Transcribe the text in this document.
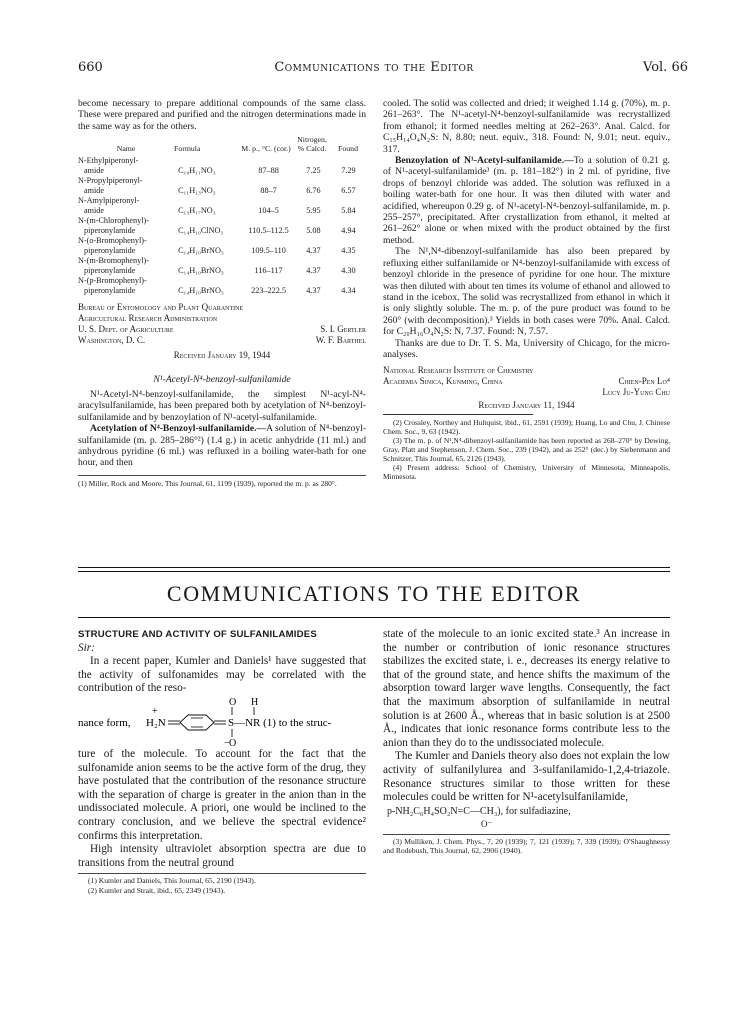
660	Communications to the Editor	Vol. 66

become necessary to prepare additional compounds of the same class. These were prepared and purified and the nitrogen determinations made in the same way as for the others.

Name	Formula	M. p., °C. (cor.)	Nitrogen, % Calcd.	Found
N-Ethylpiperonyl-				
amide	C₁₀H₁₁NO₃	87–88	7.25	7.29
N-Propylpiperonyl-				
amide	C₁₁H₁₃NO₃	88–7	6.76	6.57
N-Amylpiperonyl-				
amide	C₁₃H₁₇NO₃	104–5	5.95	5.84
N-(m-Chlorophenyl)-				
piperonylamide	C₁₄H₁₀ClNO₃	110.5–112.5	5.08	4.94
N-(o-Bromophenyl)-				
piperonylamide	C₁₄H₁₀BrNO₃	109.5–110	4.37	4.35
N-(m-Bromophenyl)-				
piperonylamide	C₁₄H₁₀BrNO₃	116–117	4.37	4.30
N-(p-Bromophenyl)-				
piperonylamide	C₁₄H₁₀BrNO₃	223–222.5	4.37	4.34
Bureau of Entomology and Plant Quarantine
Agricultural Research Administration
U. S. Dept. of Agriculture	S. I. Gertler
Washington, D. C.	W. F. Barthel
Received January 19, 1944
N¹-Acetyl-N⁴-benzoyl-sulfanilamide

N¹-Acetyl-N⁴-benzoyl-sulfanilamide, the simplest N¹-acyl-N⁴-aracylsulfanilamide, has been prepared both by acetylation of N⁴-benzoyl-sulfanilamide and by benzoylation of N¹-acetyl-sulfanilamide.

Acetylation of N⁴-Benzoyl-sulfanilamide.—A solution of N⁴-benzoyl-sulfanilamide (m. p. 285–286°²) (1.4 g.) in acetic anhydride (11 ml.) and anhydrous pyridine (6 ml.) was refluxed in a boiling water-bath for one hour, and then

(1) Miller, Rock and Moore, This Journal, 61, 1199 (1939), reported the m. p. as 280°.

cooled. The solid was collected and dried; it weighed 1.14 g. (70%), m. p. 261–263°. The N¹-acetyl-N⁴-benzoyl-sulfanilamide was recrystallized from ethanol; it formed needles melting at 262–263°. Anal. Calcd. for C₁₅H₁₄O₄N₂S: N, 8.80; neut. equiv., 318. Found: N, 9.01; neut. equiv., 317.

Benzoylation of N¹-Acetyl-sulfanilamide.—To a solution of 0.21 g. of N¹-acetyl-sulfanilamide³ (m. p. 181–182°) in 2 ml. of pyridine, five drops of benzoyl chloride was added. The solution was refluxed in a boiling water-bath for one hour. It was then diluted with water and acidified, whereupon 0.29 g. of N¹-acetyl-N⁴-benzoyl-sulfanilamide, m. p. 255–257°, precipitated. After crystallization from ethanol, it melted at 261–262° alone or when mixed with the product obtained by the first method.

The N¹,N⁴-dibenzoyl-sulfanilamide has also been prepared by refluxing either sulfanilamide or N⁴-benzoyl-sulfanilamide with excess of benzoyl chloride in the presence of pyridine for one hour. The mixture was then diluted with about ten times its volume of ethanol and allowed to stand in the icebox. The solid was recrystallized from ethanol in which it is only slightly soluble. The m. p. of the pure product was found to be 260° (with decomposition).³ Yields in both cases were 70%. Anal. Calcd. for C₂₀H₁₆O₄N₂S: N, 7.37. Found: N, 7.57.

Thanks are due to Dr. T. S. Ma, University of Chicago, for the micro-analyses.

National Research Institute of Chemistry
Academia Sinica, Kunming, China	Chien-Pen Lo⁴
Lucy Ju-Yung Chu
Received January 11, 1944

(2) Crossley, Northey and Hultquist, ibid., 61, 2591 (1939); Huang, Lo and Chu, J. Chinese Chem. Soc., 9, 63 (1942).

(3) The m. p. of N¹,N⁴-dibenzoyl-sulfanilamide has been reported as 268–270° by Dewing, Gray, Platt and Stephenson, J. Chem. Soc., 239 (1942), and as 252° (dec.) by Siebenmann and Schnitzer, This Journal, 65, 2126 (1943).

(4) Present address: School of Chemistry, University of Minnesota, Minneapolis, Minnesota.

COMMUNICATIONS TO THE EDITOR

STRUCTURE AND ACTIVITY OF SULFANILAMIDES

Sir:

In a recent paper, Kumler and Daniels¹ have suggested that the activity of sulfonamides may be correlated with the contribution of the reso-

nance form, H₂N
+
S—NR (1) to the struc-
O H
− O

ture of the molecule. To account for the fact that the sulfonamide anion seems to be the active form of the drug, they have postulated that the contribution of the resonance structure with the separation of charge is greater in the anion than in the undissociated molecule. A priori, one would be inclined to the contrary conclusion, and we believe the spectral evidence² confirms this interpretation.

High intensity ultraviolet absorption spectra are due to transitions from the neutral ground

(1) Kumler and Daniels, This Journal, 65, 2190 (1943).
(2) Kumler and Strait, ibid., 65, 2349 (1943).

state of the molecule to an ionic excited state.³ An increase in the number or contribution of ionic resonance structures stabilizes the excited state, i. e., decreases its energy relative to that of the ground state, and hence shifts the maximum of the absorption toward larger wave lengths. Consequently, the fact that the maximum absorption of sulfanilamide in neutral solution is at 2600 Å., whereas that in basic solution is at 2500 Å., indicates that ionic resonance forms contribute less to the anion than they do to the undissociated molecule.

The Kumler and Daniels theory also does not explain the low activity of sulfanilylurea and 3-sulfanilamido-1,2,4-triazole. Resonance structures similar to those written for these molecules could be written for N¹-acetylsulfanilamide,

p-NH₂C₆H₄SO₂N=C—CH₃), for sulfadiazine,
O⁻
(3) Mulliken, J. Chem. Phys., 7, 20 (1939); 7, 121 (1939); 7, 339 (1939); O'Shaughnessy and Rodebush, This Journal, 62, 2906 (1940).
